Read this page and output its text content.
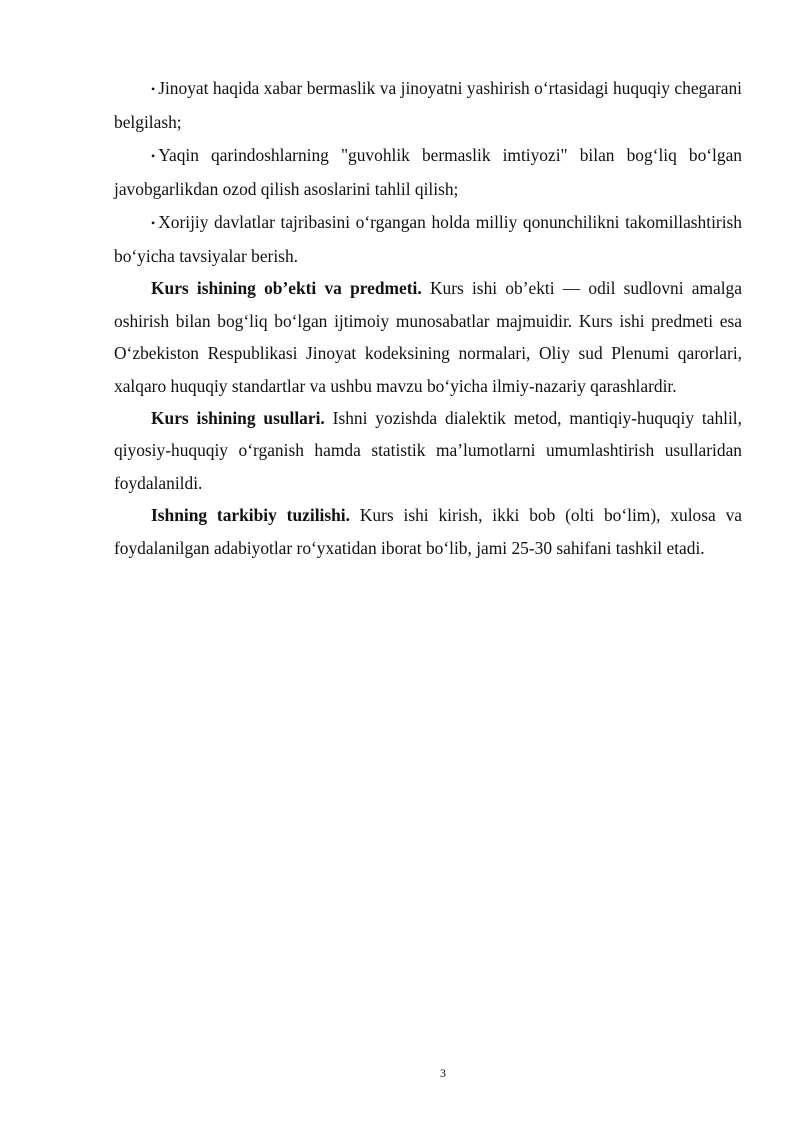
• Jinoyat haqida xabar bermaslik va jinoyatni yashirish oʻrtasidagi huquqiy chegarani belgilash;

• Yaqin qarindoshlarning "guvohlik bermaslik imtiyozi" bilan bogʻliq boʻlgan javobgarlikdan ozod qilish asoslarini tahlil qilish;

• Xorijiy davlatlar tajribasini oʻrgangan holda milliy qonunchilikni takomillashtirish boʻyicha tavsiyalar berish.

Kurs ishining ob’ekti va predmeti. Kurs ishi ob’ekti — odil sudlovni amalga oshirish bilan bogʻliq boʻlgan ijtimoiy munosabatlar majmuidir. Kurs ishi predmeti esa Oʻzbekiston Respublikasi Jinoyat kodeksining normalari, Oliy sud Plenumi qarorlari, xalqaro huquqiy standartlar va ushbu mavzu boʻyicha ilmiy-nazariy qarashlardir.

Kurs ishining usullari. Ishni yozishda dialektik metod, mantiqiy-huquqiy tahlil, qiyosiy-huquqiy oʻrganish hamda statistik ma’lumotlarni umumlashtirish usullaridan foydalanildi.

Ishning tarkibiy tuzilishi. Kurs ishi kirish, ikki bob (olti boʻlim), xulosa va foydalanilgan adabiyotlar roʻyxatidan iborat boʻlib, jami 25-30 sahifani tashkil etadi.

3
